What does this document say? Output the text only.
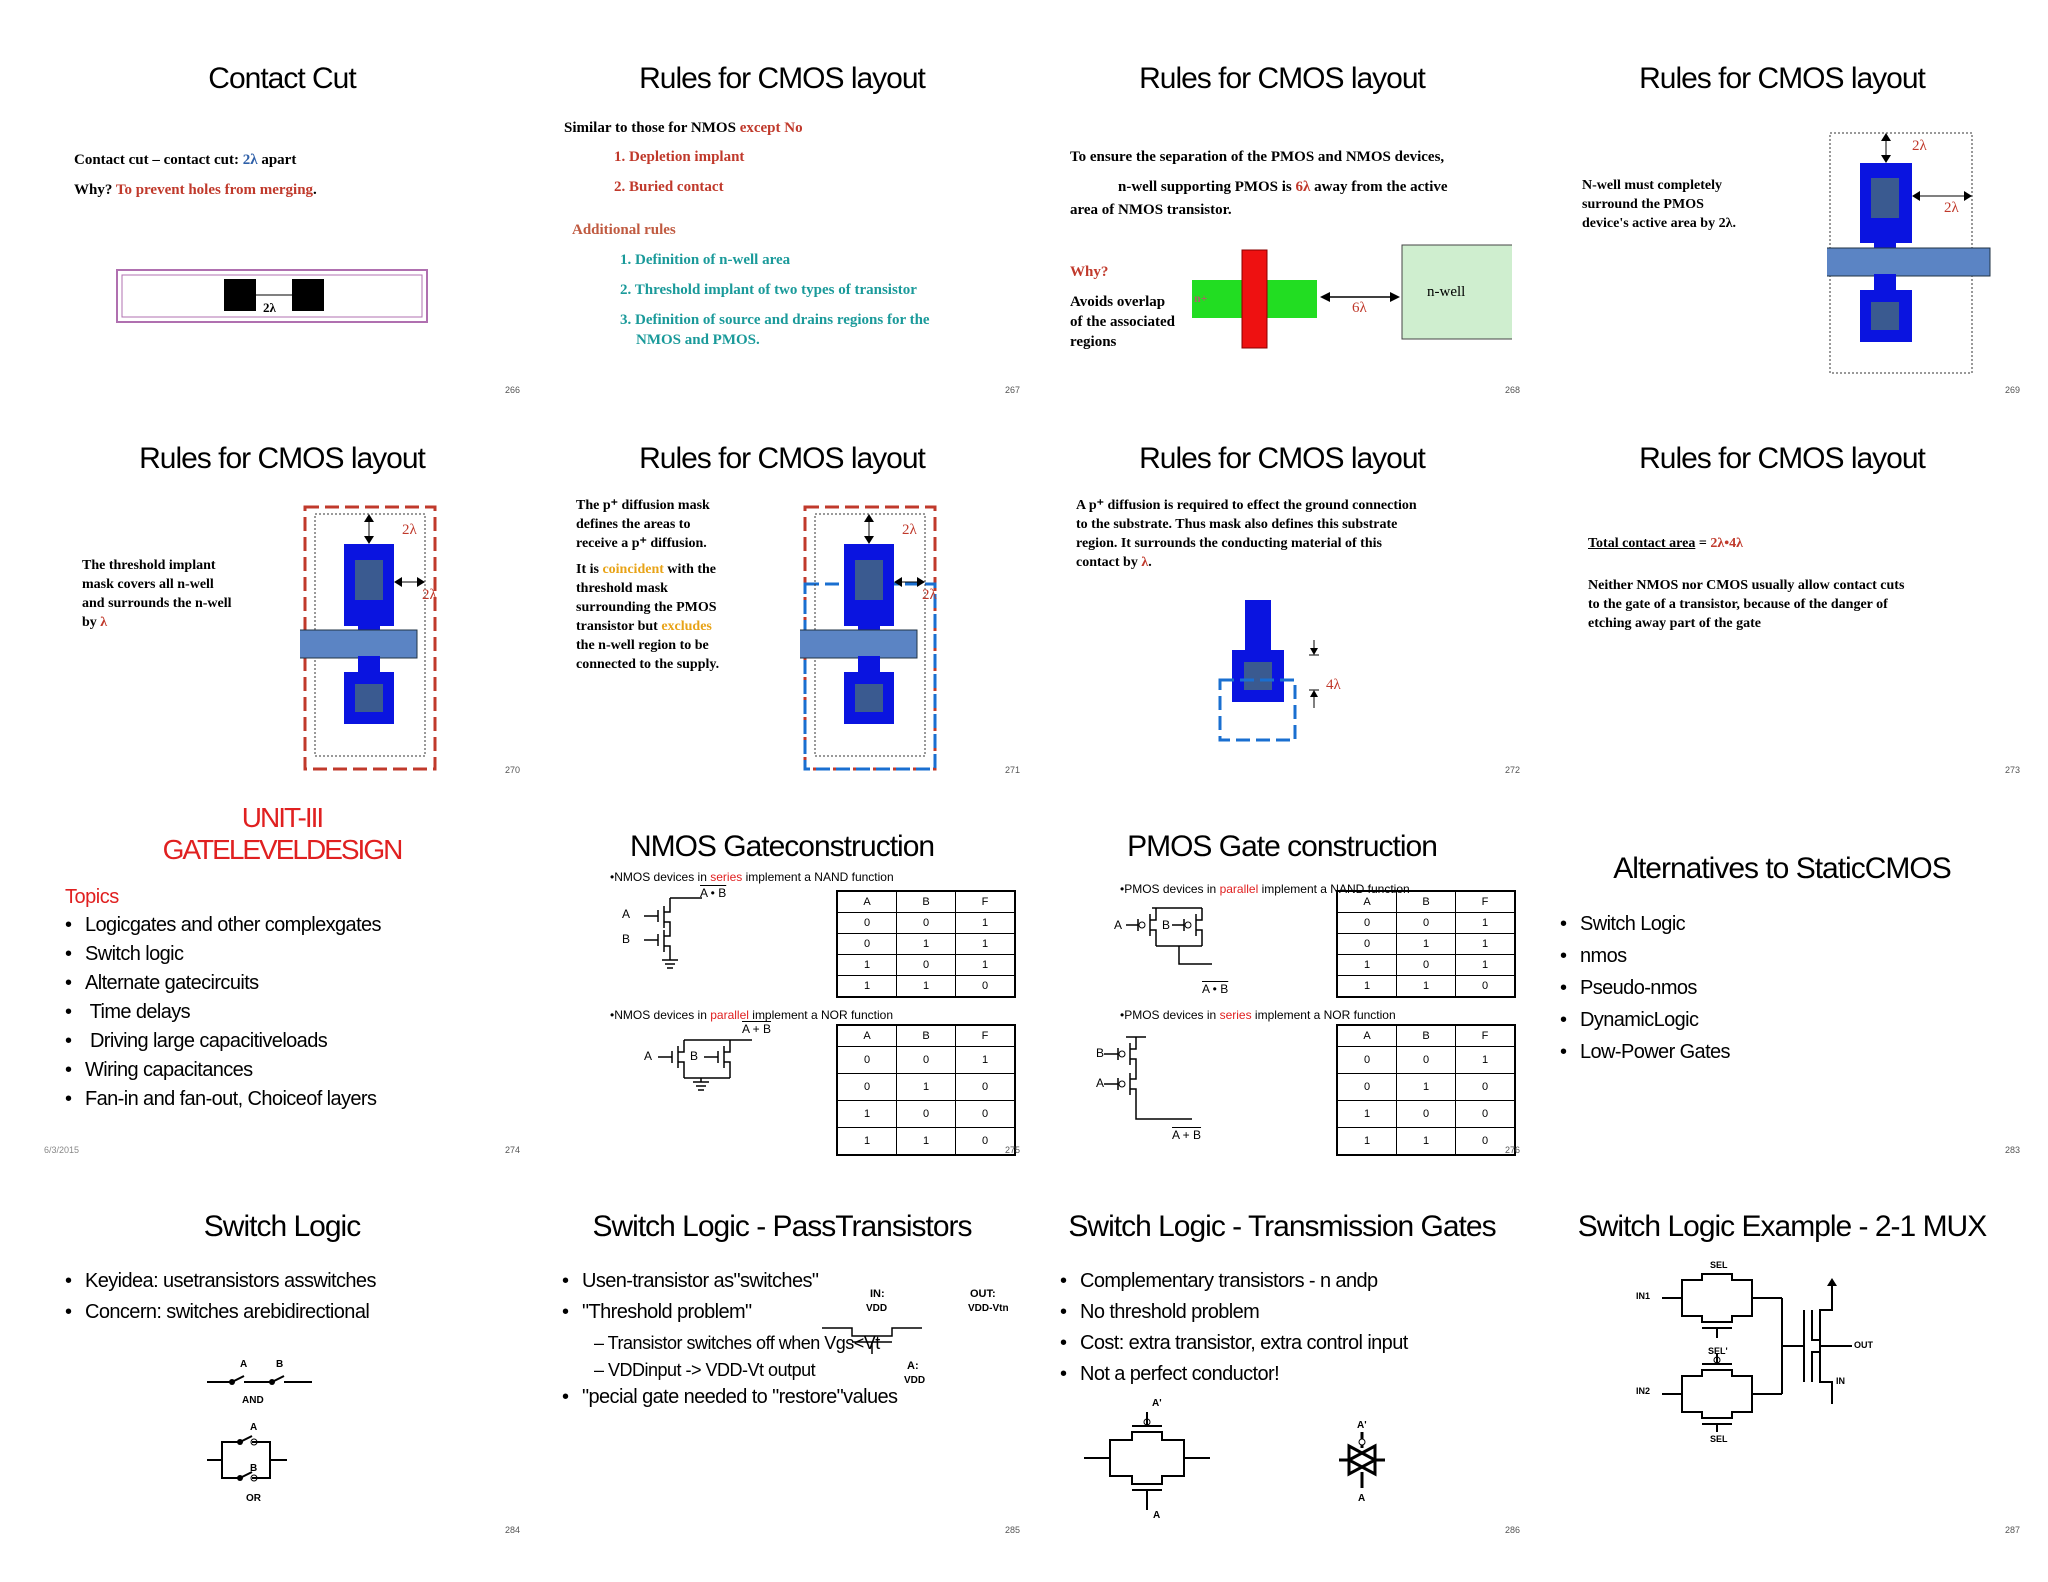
Contact Cut
Contact cut – contact cut: 2λ apart
Why? To prevent holes from merging.
2λ
266
Rules for CMOS layout
Similar to those for NMOS except No
1. Depletion implant
2. Buried contact
Additional rules
1. Definition of n-well area
2. Threshold implant of two types of transistor
3. Definition of source and drains regions for the
NMOS and PMOS.
267
Rules for CMOS layout
To ensure the separation of the PMOS and NMOS devices,
n-well supporting PMOS is 6λ away from the active
area of NMOS transistor.
Why?
Avoids overlap
of the associated
regions
n+	n-well
6λ
268
Rules for CMOS layout
N-well must completely
surround the PMOS
device's active area by 2λ.
2λ
2λ
269
Rules for CMOS layout
The threshold implant
mask covers all n-well
and surrounds the n-well
by λ
2λ
2λ
270
Rules for CMOS layout
The p⁺ diffusion mask
defines the areas to
receive a p⁺ diffusion.
It is coincident with the
threshold mask
surrounding the PMOS
transistor but excludes
the n-well region to be
connected to the supply.
2λ
2λ
271
Rules for CMOS layout
A p⁺ diffusion is required to effect the ground connection
to the substrate. Thus mask also defines this substrate
region. It surrounds the conducting material of this
contact by λ.
4λ
272
Rules for CMOS layout
Total contact area = 2λ•4λ
Neither NMOS nor CMOS usually allow contact cuts
to the gate of a transistor, because of the danger of
etching away part of the gate
273
UNIT-III
GATELEVELDESIGN
Topics
• Logicgates and other complexgates
• Switch logic
• Alternate gatecircuits
• Time delays
• Driving large capacitiveloads
• Wiring capacitances
• Fan-in and fan-out, Choiceof layers
6/3/2015	274
NMOS Gateconstruction
•NMOS devices in series implement a NAND function
A
B
A • B
A	B	F
0	0	1
0	1	1
1	0	1
1	1	0
•NMOS devices in parallel implement a NOR function
A	B
A + B	A	B	F
0	0	1
0	1	0
1	0	0
1	1	0
275
PMOS Gate construction
•PMOS devices in parallel implement a NAND function
A	B
A • B
A	B	F
0	0	1
0	1	1
1	0	1
1	1	0
•PMOS devices in series implement a NOR function
B
A
A + B
A	B	F
0	0	1
0	1	0
1	0	0
1	1	0
276
Alternatives to StaticCMOS
• Switch Logic
• nmos
• Pseudo-nmos
• DynamicLogic
• Low-Power Gates
283
Switch Logic
• Keyidea: usetransistors asswitches
• Concern: switches arebidirectional
A	B
AND
A
B
OR
284
Switch Logic - PassTransistors
• Usen-transistor as"switches"
• "Threshold problem"
– Transistor switches off when Vgs<Vt
– VDDinput -> VDD-Vt output
• "pecial gate needed to "restore"values
IN:
VDD
OUT:
VDD-Vtn
A:
VDD
285
Switch Logic - Transmission Gates
• Complementary transistors - n andp
• No threshold problem
• Cost: extra transistor, extra control input
• Not a perfect conductor!
A'
A
A'
A
286
Switch Logic Example - 2-1 MUX
SEL
IN1
SEL'
IN2
SEL
OUT
IN
287
